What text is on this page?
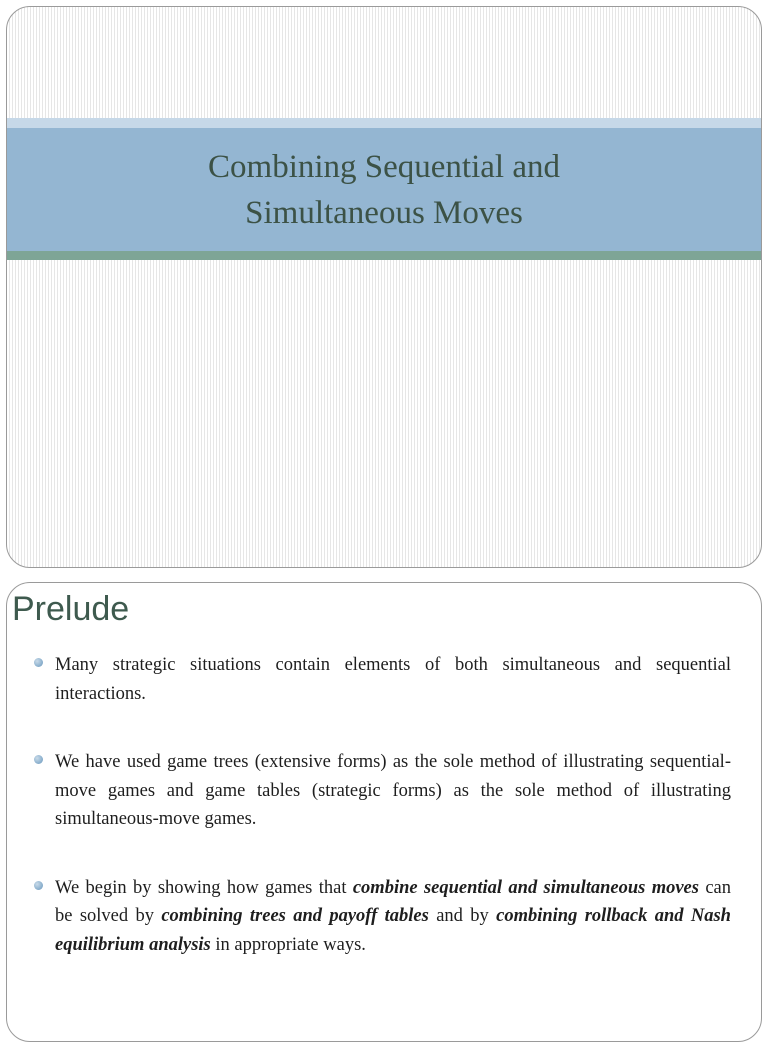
Combining Sequential and
Simultaneous Moves
Prelude
Many strategic situations contain elements of both simultaneous and sequential interactions.
We have used game trees (extensive forms) as the sole method of illustrating sequential-move games and game tables (strategic forms) as the sole method of illustrating simultaneous-move games.
We begin by showing how games that combine sequential and simultaneous moves can be solved by combining trees and payoff tables and by combining rollback and Nash equilibrium analysis in appropriate ways.
